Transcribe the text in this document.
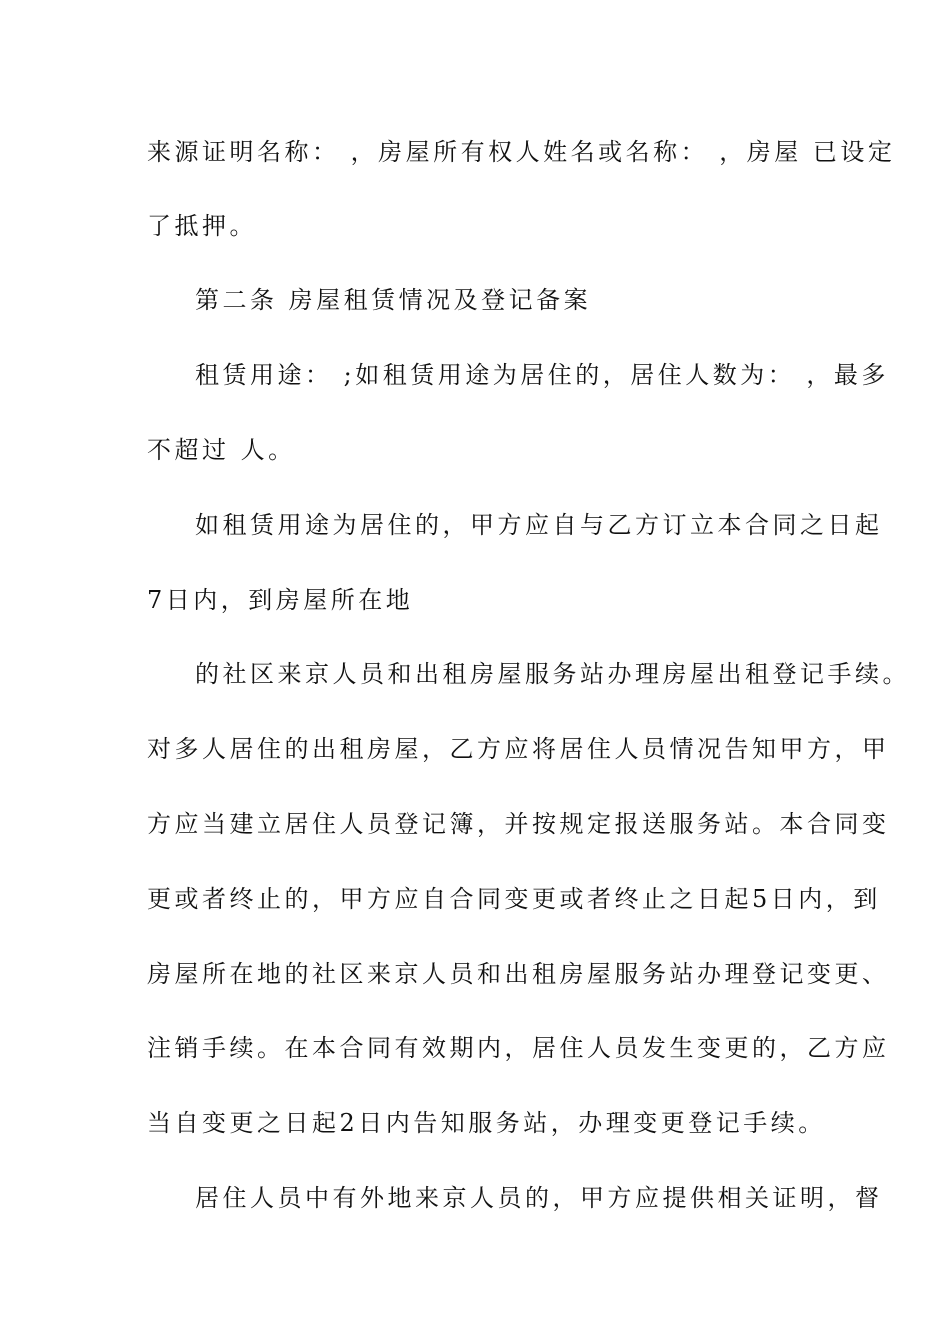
来源证明名称： ，房屋所有权人姓名或名称： ，房屋 已设定
了抵押。
第二条 房屋租赁情况及登记备案
租赁用途： ;如租赁用途为居住的，居住人数为： ，最多
不超过 人。
如租赁用途为居住的，甲方应自与乙方订立本合同之日起
7日内，到房屋所在地
的社区来京人员和出租房屋服务站办理房屋出租登记手续。
对多人居住的出租房屋，乙方应将居住人员情况告知甲方，甲
方应当建立居住人员登记簿，并按规定报送服务站。本合同变
更或者终止的，甲方应自合同变更或者终止之日起5日内，到
房屋所在地的社区来京人员和出租房屋服务站办理登记变更、
注销手续。在本合同有效期内，居住人员发生变更的，乙方应
当自变更之日起2日内告知服务站，办理变更登记手续。
居住人员中有外地来京人员的，甲方应提供相关证明，督
